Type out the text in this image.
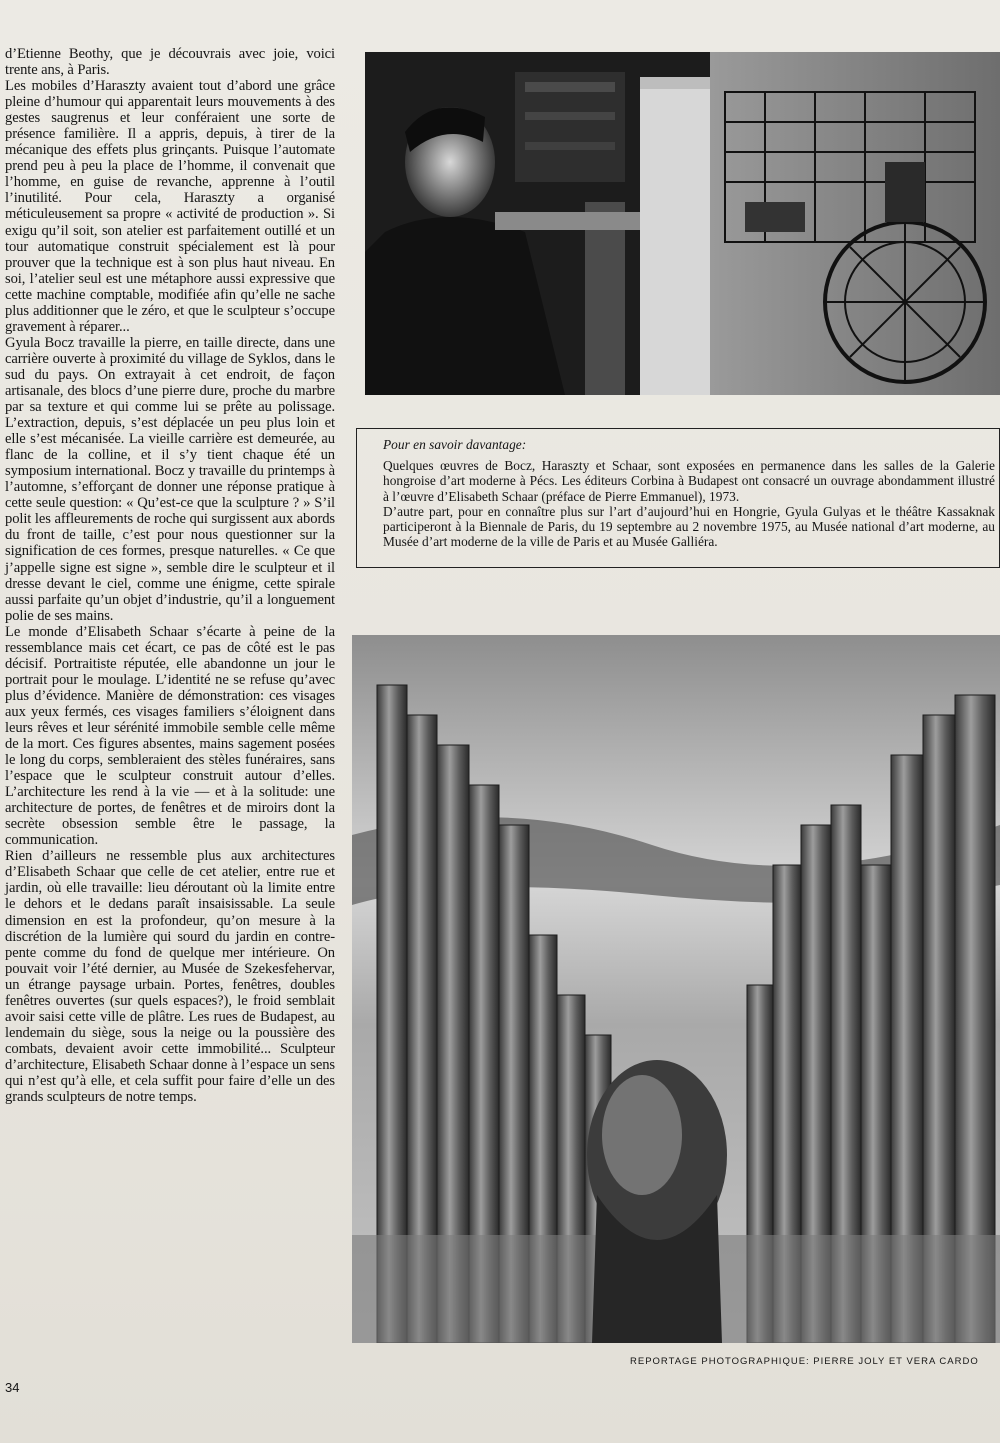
d’Etienne Beothy, que je découvrais avec joie, voici trente ans, à Paris.

Les mobiles d’Haraszty avaient tout d’abord une grâce pleine d’humour qui apparentait leurs mouvements à des gestes saugrenus et leur conféraient une sorte de présence familière. Il a appris, depuis, à tirer de la mécanique des effets plus grinçants. Puisque l’automate prend peu à peu la place de l’homme, il convenait que l’homme, en guise de revanche, apprenne à l’outil l’inutilité. Pour cela, Haraszty a organisé méticuleusement sa propre « activité de production ». Si exigu qu’il soit, son atelier est parfaitement outillé et un tour automatique construit spécialement est là pour prouver que la technique est à son plus haut niveau. En soi, l’atelier seul est une métaphore aussi expressive que cette machine comptable, modifiée afin qu’elle ne sache plus additionner que le zéro, et que le sculpteur s’occupe gravement à réparer...

Gyula Bocz travaille la pierre, en taille directe, dans une carrière ouverte à proximité du village de Syklos, dans le sud du pays. On extrayait à cet endroit, de façon artisanale, des blocs d’une pierre dure, proche du marbre par sa texture et qui comme lui se prête au polissage. L’extraction, depuis, s’est déplacée un peu plus loin et elle s’est mécanisée. La vieille carrière est demeurée, au flanc de la colline, et il s’y tient chaque été un symposium international. Bocz y travaille du printemps à l’automne, s’efforçant de donner une réponse pratique à cette seule question: « Qu’est-ce que la sculpture ? » S’il polit les affleurements de roche qui surgissent aux abords du front de taille, c’est pour nous questionner sur la signification de ces formes, presque naturelles. « Ce que j’appelle signe est signe », semble dire le sculpteur et il dresse devant le ciel, comme une énigme, cette spirale aussi parfaite qu’un objet d’industrie, qu’il a longuement polie de ses mains.

Le monde d’Elisabeth Schaar s’écarte à peine de la ressemblance mais cet écart, ce pas de côté est le pas décisif. Portraitiste réputée, elle abandonne un jour le portrait pour le moulage. L’identité ne se refuse qu’avec plus d’évidence. Manière de démonstration: ces visages aux yeux fermés, ces visages familiers s’éloignent dans leurs rêves et leur sérénité immobile semble celle même de la mort. Ces figures absentes, mains sagement posées le long du corps, sembleraient des stèles funéraires, sans l’espace que le sculpteur construit autour d’elles. L’architecture les rend à la vie — et à la solitude: une architecture de portes, de fenêtres et de miroirs dont la secrète obsession semble être le passage, la communication.

Rien d’ailleurs ne ressemble plus aux architectures d’Elisabeth Schaar que celle de cet atelier, entre rue et jardin, où elle travaille: lieu déroutant où la limite entre le dehors et le dedans paraît insaisissable. La seule dimension en est la profondeur, qu’on mesure à la discrétion de la lumière qui sourd du jardin en contre-pente comme du fond de quelque mer intérieure. On pouvait voir l’été dernier, au Musée de Szekesfehervar, un étrange paysage urbain. Portes, fenêtres, doubles fenêtres ouvertes (sur quels espaces?), le froid semblait avoir saisi cette ville de plâtre. Les rues de Budapest, au lendemain du siège, sous la neige ou la poussière des combats, devaient avoir cette immobilité... Sculpteur d’architecture, Elisabeth Schaar donne à l’espace un sens qui n’est qu’à elle, et cela suffit pour faire d’elle un des grands sculpteurs de notre temps.

Pour en savoir davantage:

Quelques œuvres de Bocz, Haraszty et Schaar, sont exposées en permanence dans les salles de la Galerie hongroise d’art moderne à Pécs. Les éditeurs Corbina à Budapest ont consacré un ouvrage abondamment illustré à l’œuvre d’Elisabeth Schaar (préface de Pierre Emmanuel), 1973.

D’autre part, pour en connaître plus sur l’art d’aujourd’hui en Hongrie, Gyula Gulyas et le théâtre Kassaknak participeront à la Biennale de Paris, du 19 septembre au 2 novembre 1975, au Musée national d’art moderne, au Musée d’art moderne de la ville de Paris et au Musée Galliéra.

REPORTAGE PHOTOGRAPHIQUE: PIERRE JOLY ET VERA CARDO
34
